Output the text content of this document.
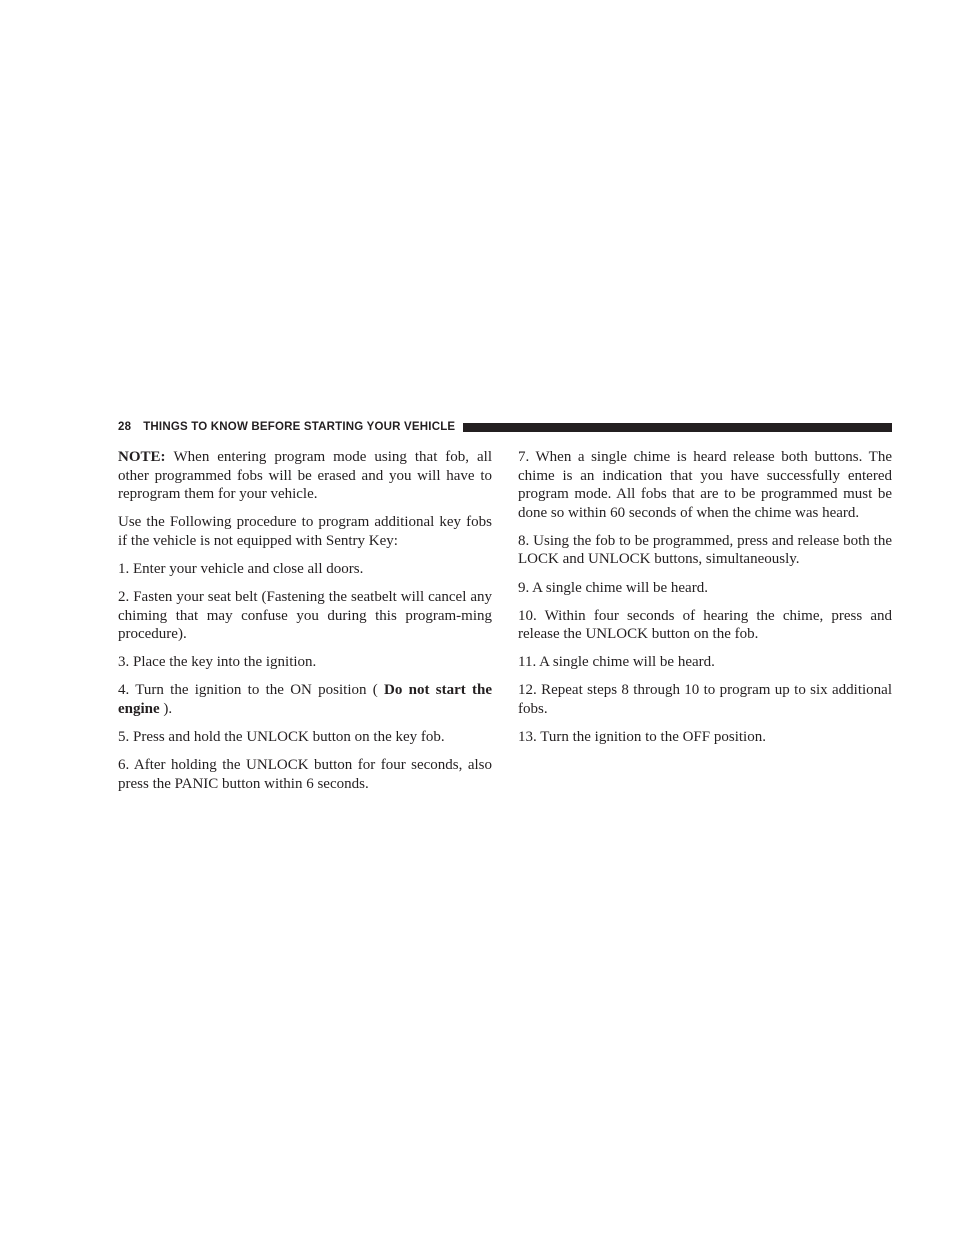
28 THINGS TO KNOW BEFORE STARTING YOUR VEHICLE

NOTE: When entering program mode using that fob, all other programmed fobs will be erased and you will have to reprogram them for your vehicle.

Use the Following procedure to program additional key fobs if the vehicle is not equipped with Sentry Key:

1. Enter your vehicle and close all doors.

2. Fasten your seat belt (Fastening the seatbelt will cancel any chiming that may confuse you during this program-ming procedure).

3. Place the key into the ignition.

4. Turn the ignition to the ON position ( Do not start the engine ).

5. Press and hold the UNLOCK button on the key fob.

6. After holding the UNLOCK button for four seconds, also press the PANIC button within 6 seconds.

7. When a single chime is heard release both buttons. The chime is an indication that you have successfully entered program mode. All fobs that are to be programmed must be done so within 60 seconds of when the chime was heard.

8. Using the fob to be programmed, press and release both the LOCK and UNLOCK buttons, simultaneously.

9. A single chime will be heard.

10. Within four seconds of hearing the chime, press and release the UNLOCK button on the fob.

11. A single chime will be heard.

12. Repeat steps 8 through 10 to program up to six additional fobs.

13. Turn the ignition to the OFF position.
